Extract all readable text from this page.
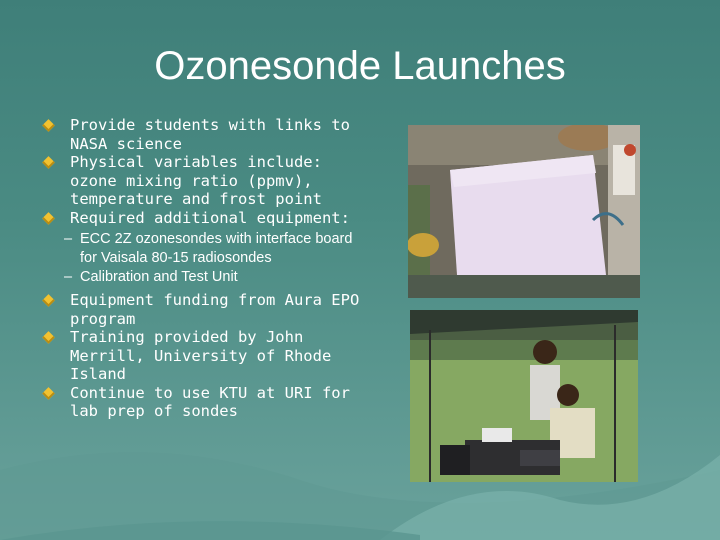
Ozonesonde Launches
Provide students with links to NASA science
Physical variables include: ozone mixing ratio (ppmv), temperature and frost point
Required additional equipment:
– ECC 2Z ozonesondes with interface board for Vaisala 80-15 radiosondes
– Calibration and Test Unit
Equipment funding from Aura EPO program
Training provided by John Merrill, University of Rhode Island
Continue to use KTU at URI for lab prep of sondes
